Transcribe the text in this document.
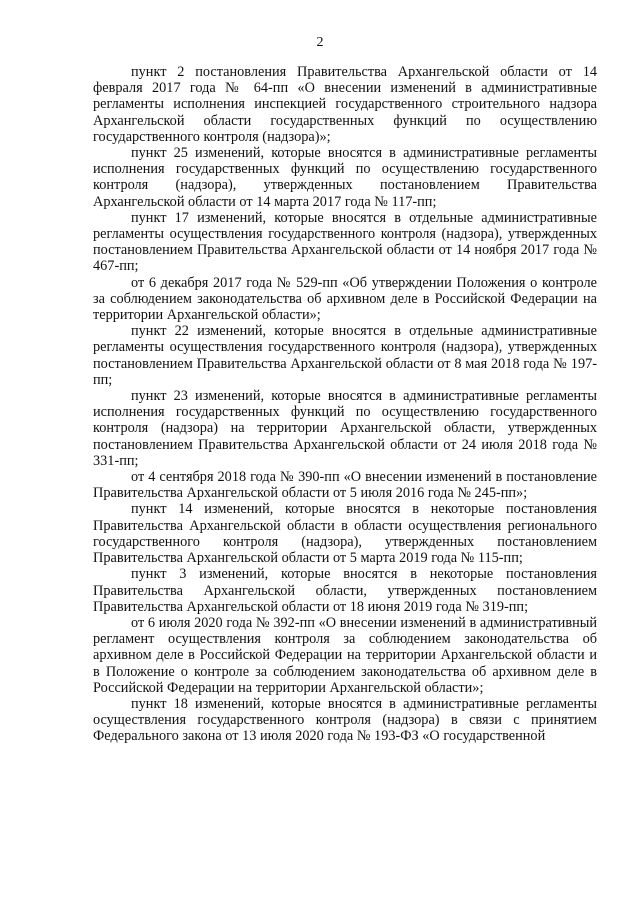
2

пункт 2 постановления Правительства Архангельской области от 14 февраля 2017 года № 64-пп «О внесении изменений в административные регламенты исполнения инспекцией государственного строительного надзора Архангельской области государственных функций по осуществлению государственного контроля (надзора)»;

пункт 25 изменений, которые вносятся в административные регламенты исполнения государственных функций по осуществлению государственного контроля (надзора), утвержденных постановлением Правительства Архангельской области от 14 марта 2017 года № 117-пп;

пункт 17 изменений, которые вносятся в отдельные административные регламенты осуществления государственного контроля (надзора), утвержденных постановлением Правительства Архангельской области от 14 ноября 2017 года № 467-пп;

от 6 декабря 2017 года № 529-пп «Об утверждении Положения о контроле за соблюдением законодательства об архивном деле в Российской Федерации на территории Архангельской области»;

пункт 22 изменений, которые вносятся в отдельные административные регламенты осуществления государственного контроля (надзора), утвержденных постановлением Правительства Архангельской области от 8 мая 2018 года № 197-пп;

пункт 23 изменений, которые вносятся в административные регламенты исполнения государственных функций по осуществлению государственного контроля (надзора) на территории Архангельской области, утвержденных постановлением Правительства Архангельской области от 24 июля 2018 года № 331-пп;

от 4 сентября 2018 года № 390-пп «О внесении изменений в постановление Правительства Архангельской области от 5 июля 2016 года № 245-пп»;

пункт 14 изменений, которые вносятся в некоторые постановления Правительства Архангельской области в области осуществления регионального государственного контроля (надзора), утвержденных постановлением Правительства Архангельской области от 5 марта 2019 года № 115-пп;

пункт 3 изменений, которые вносятся в некоторые постановления Правительства Архангельской области, утвержденных постановлением Правительства Архангельской области от 18 июня 2019 года № 319-пп;

от 6 июля 2020 года № 392-пп «О внесении изменений в административный регламент осуществления контроля за соблюдением законодательства об архивном деле в Российской Федерации на территории Архангельской области и в Положение о контроле за соблюдением законодательства об архивном деле в Российской Федерации на территории Архангельской области»;

пункт 18 изменений, которые вносятся в административные регламенты осуществления государственного контроля (надзора) в связи с принятием Федерального закона от 13 июля 2020 года № 193-ФЗ «О государственной
